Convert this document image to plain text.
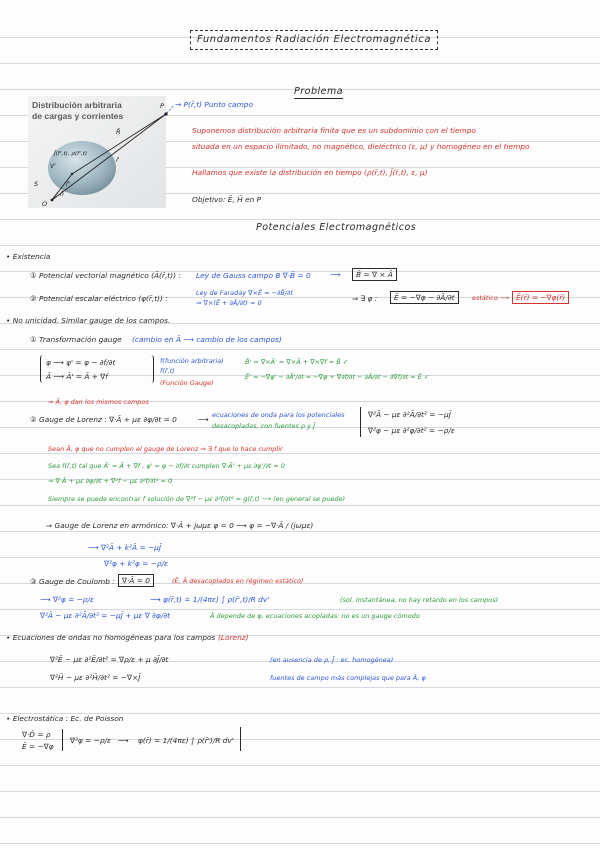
Fundamentos Radiación Electromagnética
Problema
Distribución arbitraria
de cargas y corrientes
J̄(r̄',t), ρ(r̄',t)
V'
r̄'
R̄
r̄
P
S
O
n̂
→ P(r̄,t) Punto campo
Suponemos distribución arbitraria finita que es un subdominio con el tiempo
situada en un espacio ilimitado, no magnético, dieléctrico (ε, μ) y homogéneo en el tiempo
Hallamos que existe la distribución en tiempo (ρ(r̄,t), J̄(r̄,t), ε, μ)
Objetivo: Ē, H̄ en P
Potenciales Electromagnéticos
• Existencia
① Potencial vectorial magnético (Ā(r̄,t)) : Ley de Gauss campo B ∇·B̄ = 0	⟶	B̄ = ∇ × Ā
② Potencial escalar eléctrico (φ(r̄,t)) :
Ley de Faraday ∇×Ē = −∂B̄/∂t
⇒ ∇×(Ē + ∂Ā/∂t) = 0	⇒ ∃ φ :	Ē = −∇φ − ∂Ā/∂t	estático ⟶ Ē(r̄) = −∇φ(r̄)
• No unicidad. Similar gauge de los campos.
① Transformación gauge (cambio en Ā ⟶ cambio de los campos)
φ ⟶ φ' = φ − ∂f/∂t
Ā ⟶ Ā' = Ā + ∇f
f(función arbitraria)
f(r̄,t)
(Función Gauge)
B̄' = ∇×Ā' = ∇×Ā + ∇×∇f = B̄ ✓
Ē' = −∇φ' − ∂Ā'/∂t = −∇φ + ∇∂f/∂t − ∂Ā/∂t − ∂∇f/∂t = Ē ✓
⇒ Ā, φ dan los mismos campos
② Gauge de Lorenz : ∇·Ā + με ∂φ/∂t = 0	⟶ ecuaciones de onda para los potenciales
desacopladas, con fuentes ρ y J̄
∇²Ā − με ∂²Ā/∂t² = −μJ̄
∇²φ − με ∂²φ/∂t² = −ρ/ε
Sean Ā, φ que no cumplen el gauge de Lorenz ⇒ ∃ f que lo hace cumplir
Sea f(r̄,t) tal que Ā' = Ā + ∇f , φ' = φ − ∂f/∂t cumplen ∇·Ā' + με ∂φ'/∂t = 0
⇒ ∇·Ā + με ∂φ/∂t + ∇²f − με ∂²f/∂t² = 0
Siempre se puede encontrar f solución de ∇²f − με ∂²f/∂t² = g(r̄,t) ⟶ (en general se puede)
⇒ Gauge de Lorenz en armónico: ∇·Ā + jωμε φ = 0 ⟶ φ = −∇·Ā / (jωμε)
⟶ ∇²Ā + k²Ā = −μJ̄
∇²φ + k²φ = −ρ/ε
③ Gauge de Coulomb : ∇·Ā = 0	(Ē, Ā desacoplados en régimen estático)
⟶ ∇²φ = −ρ/ε	⟶ φ(r̄,t) = 1/(4πε) ∫ ρ(r̄',t)/R dv'	(sol. instantánea, no hay retardo en los campos)
∇²Ā − με ∂²Ā/∂t² = −μJ̄ + με ∇ ∂φ/∂t	Ā depende de φ, ecuaciones acopladas: no es un gauge cómodo
• Ecuaciones de ondas no homogéneas para los campos (Lorenz)
∇²Ē − με ∂²Ē/∂t² = ∇ρ/ε + μ ∂J̄/∂t
∇²H̄ − με ∂²H̄/∂t² = −∇×J̄
(en ausencia de ρ, J̄ : ec. homogénea)
fuentes de campo más complejas que para Ā, φ
• Electrostática : Ec. de Poisson
∇·D̄ = ρ
Ē = −∇φ
∇²φ = −ρ/ε ⟶ φ(r̄) = 1/(4πε) ∫ ρ(r̄')/R dv'
